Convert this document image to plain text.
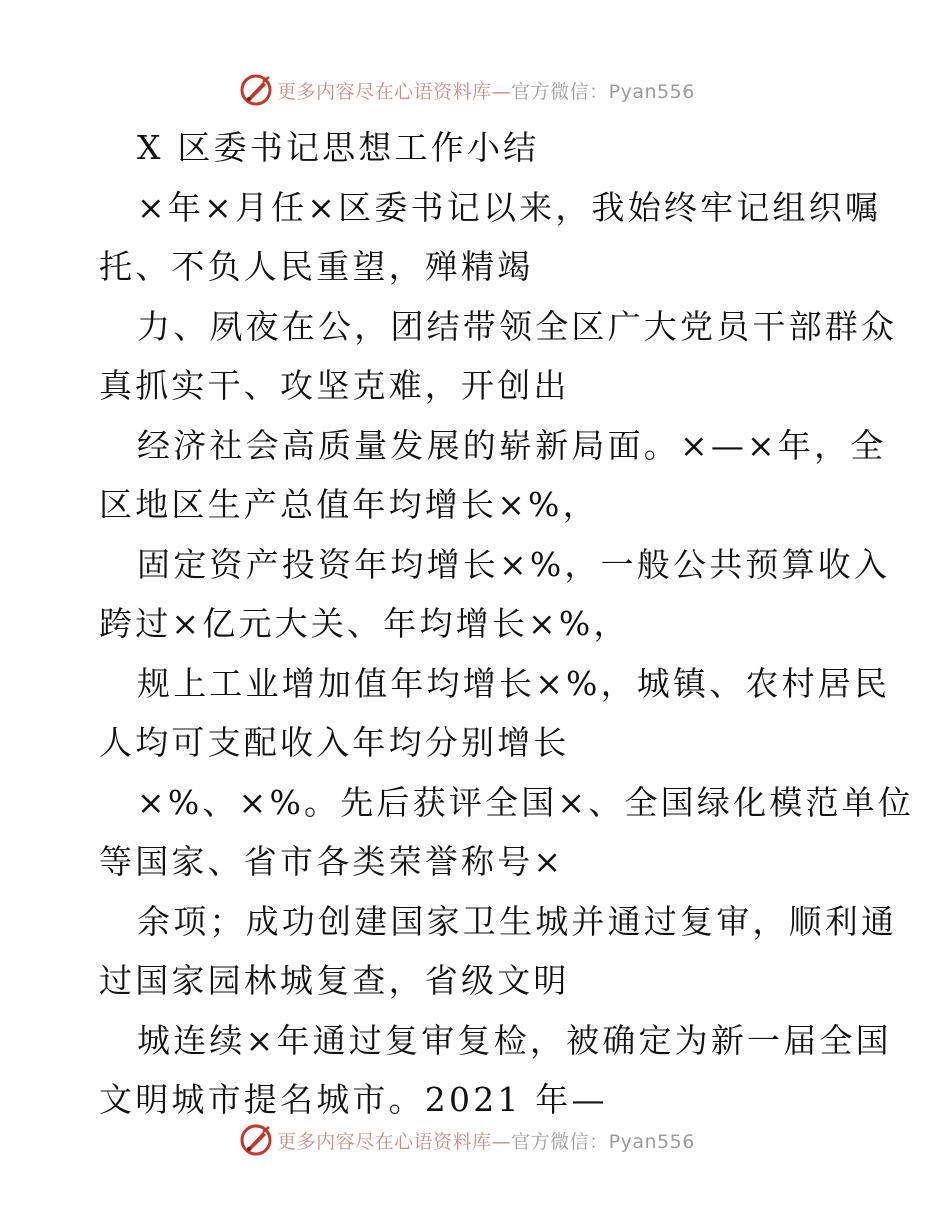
更多内容尽在心语资料库—官方微信：Pyan556
X 区委书记思想工作小结
×年×月任×区委书记以来，我始终牢记组织嘱
托、不负人民重望，殚精竭
力、夙夜在公，团结带领全区广大党员干部群众
真抓实干、攻坚克难，开创出
经济社会高质量发展的崭新局面。×—×年，全
区地区生产总值年均增长×%，
固定资产投资年均增长×%，一般公共预算收入
跨过×亿元大关、年均增长×%，
规上工业增加值年均增长×%，城镇、农村居民
人均可支配收入年均分别增长
×%、×%。先后获评全国×、全国绿化模范单位
等国家、省市各类荣誉称号×
余项；成功创建国家卫生城并通过复审，顺利通
过国家园林城复查，省级文明
城连续×年通过复审复检，被确定为新一届全国
文明城市提名城市。2021 年—
更多内容尽在心语资料库—官方微信：Pyan556
